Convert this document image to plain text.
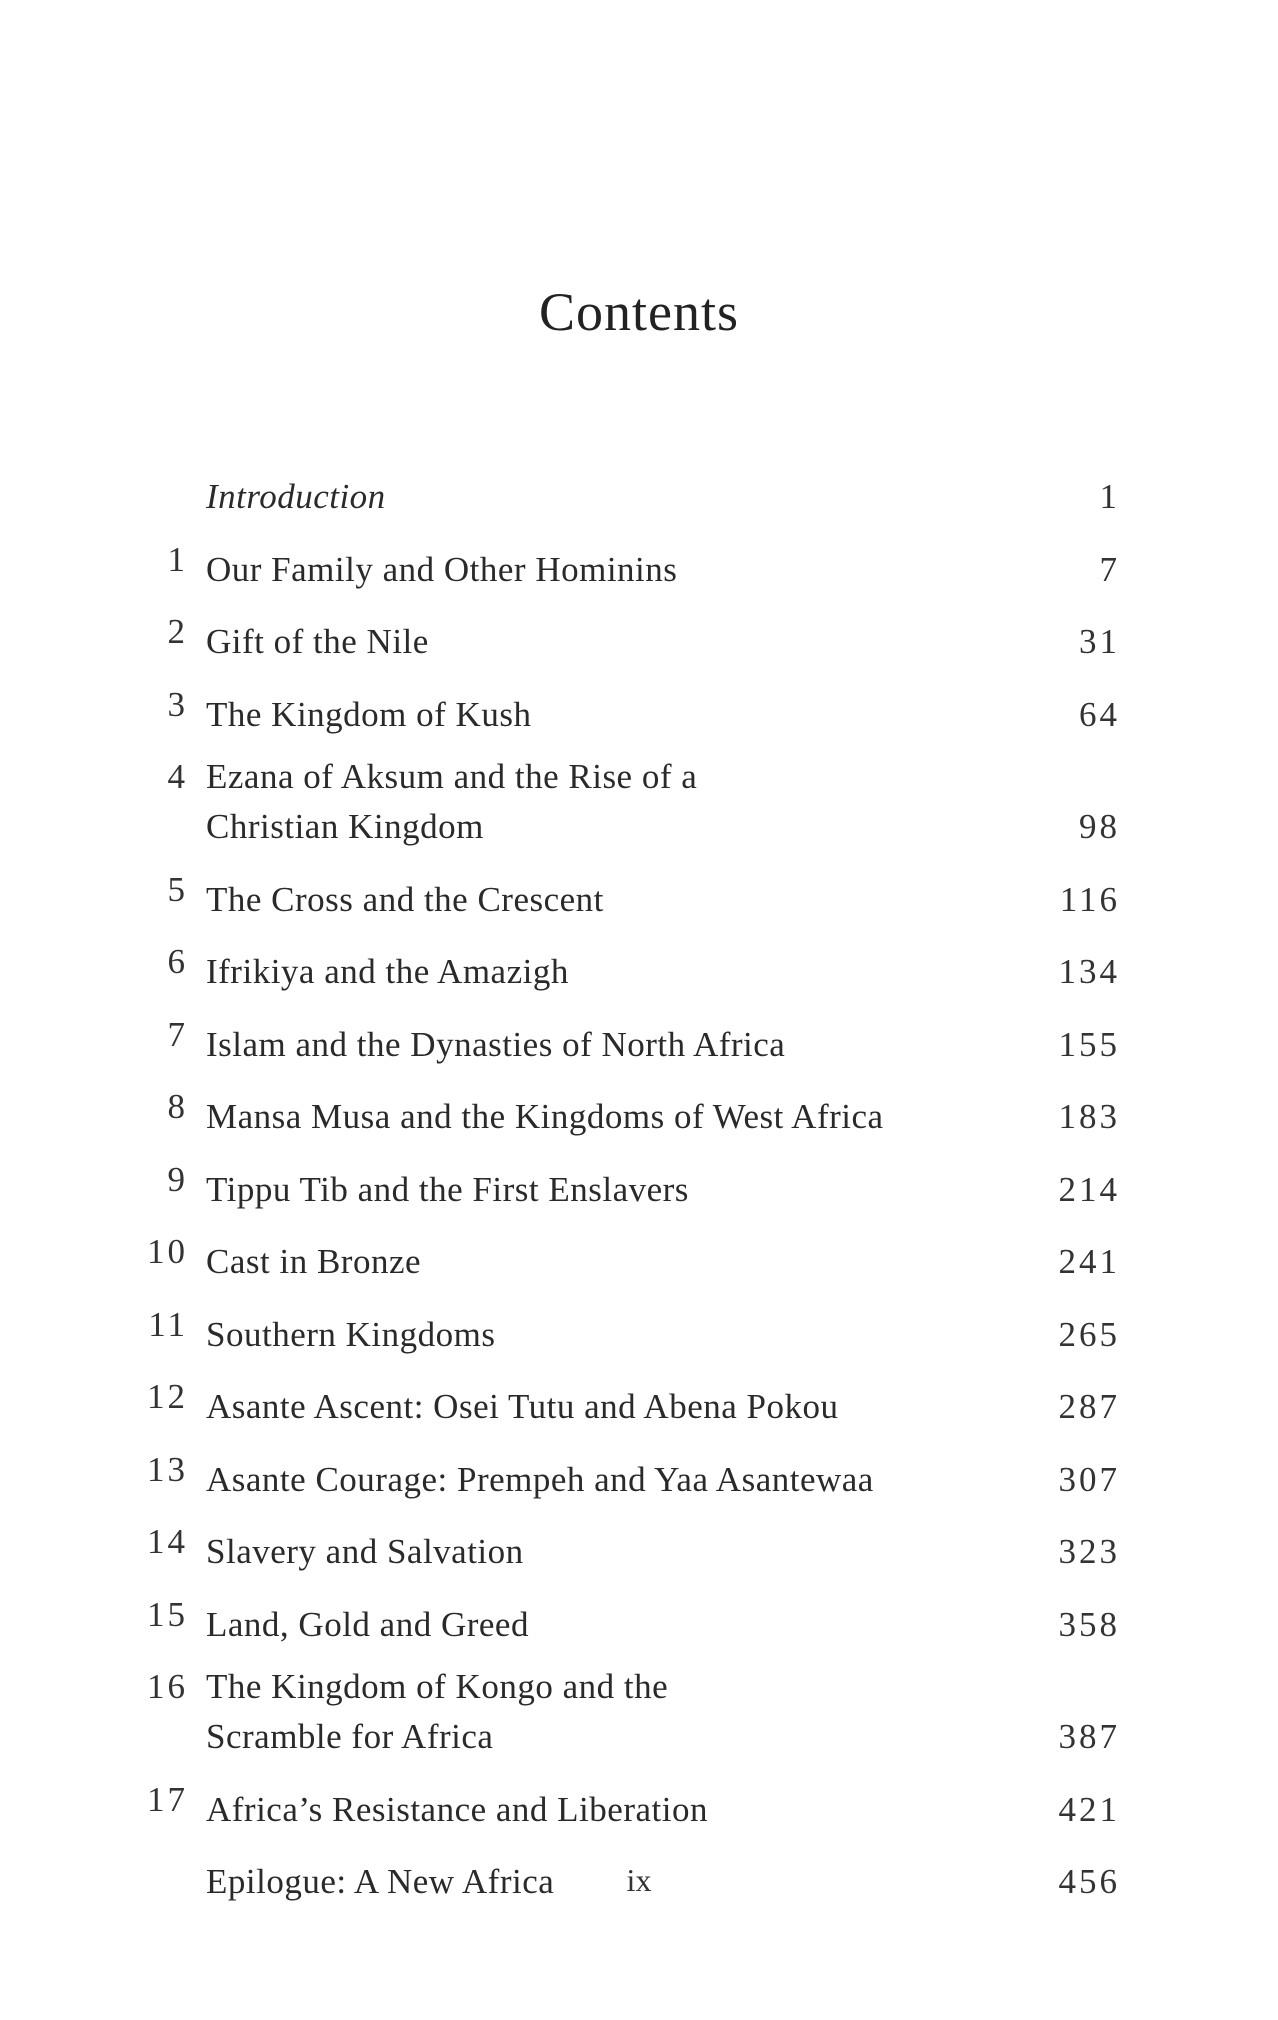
Contents
Introduction	1
1 Our Family and Other Hominins	7
2 Gift of the Nile	31
3 The Kingdom of Kush	64
4 Ezana of Aksum and the Rise of a
Christian Kingdom	98
5 The Cross and the Crescent	116
6 Ifrikiya and the Amazigh	134
7 Islam and the Dynasties of North Africa	155
8 Mansa Musa and the Kingdoms of West Africa	183
9 Tippu Tib and the First Enslavers	214
10 Cast in Bronze	241
11 Southern Kingdoms	265
12 Asante Ascent: Osei Tutu and Abena Pokou	287
13 Asante Courage: Prempeh and Yaa Asantewaa	307
14 Slavery and Salvation	323
15 Land, Gold and Greed	358
16 The Kingdom of Kongo and the
Scramble for Africa	387
17 Africa’s Resistance and Liberation	421
Epilogue: A New Africa	456
ix
